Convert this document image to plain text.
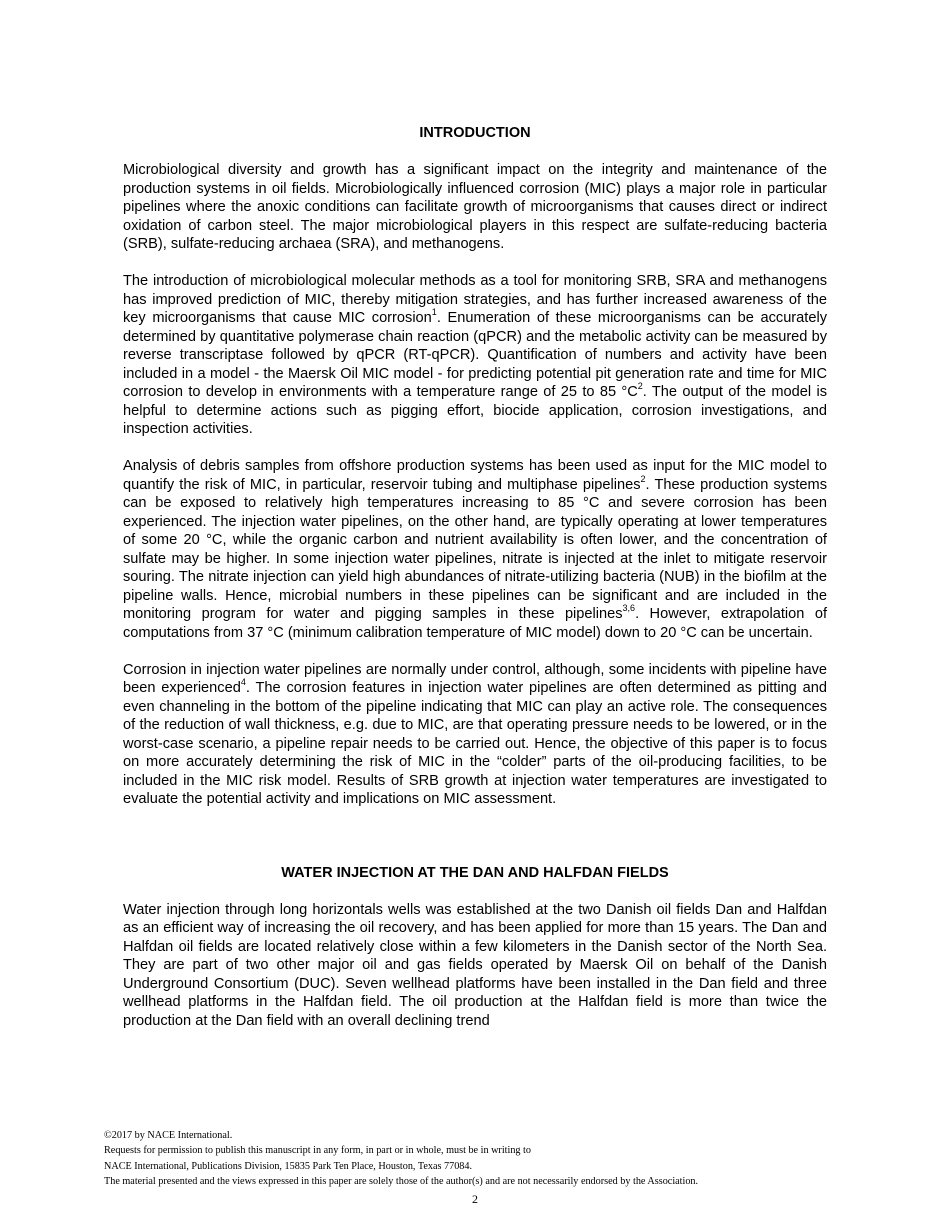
INTRODUCTION

Microbiological diversity and growth has a significant impact on the integrity and maintenance of the production systems in oil fields. Microbiologically influenced corrosion (MIC) plays a major role in particular pipelines where the anoxic conditions can facilitate growth of microorganisms that causes direct or indirect oxidation of carbon steel. The major microbiological players in this respect are sulfate-reducing bacteria (SRB), sulfate-reducing archaea (SRA), and methanogens.

The introduction of microbiological molecular methods as a tool for monitoring SRB, SRA and methanogens has improved prediction of MIC, thereby mitigation strategies, and has further increased awareness of the key microorganisms that cause MIC corrosion$^1$. Enumeration of these microorganisms can be accurately determined by quantitative polymerase chain reaction (qPCR) and the metabolic activity can be measured by reverse transcriptase followed by qPCR (RT-qPCR). Quantification of numbers and activity have been included in a model - the Maersk Oil MIC model - for predicting potential pit generation rate and time for MIC corrosion to develop in environments with a temperature range of 25 to 85 $^\circ C^2$. The output of the model is helpful to determine actions such as pigging effort, biocide application, corrosion investigations, and inspection activities.

Analysis of debris samples from offshore production systems has been used as input for the MIC model to quantify the risk of MIC, in particular, reservoir tubing and multiphase pipelines$^2$. These production systems can be exposed to relatively high temperatures increasing to 85 °C and severe corrosion has been experienced. The injection water pipelines, on the other hand, are typically operating at lower temperatures of some 20 °C, while the organic carbon and nutrient availability is often lower, and the concentration of sulfate may be higher. In some injection water pipelines, nitrate is injected at the inlet to mitigate reservoir souring. The nitrate injection can yield high abundances of nitrate-utilizing bacteria (NUB) in the biofilm at the pipeline walls. Hence, microbial numbers in these pipelines can be significant and are included in the monitoring program for water and pigging samples in these pipelines$^{3,6}$. However, extrapolation of computations from 37 °C (minimum calibration temperature of MIC model) down to 20 °C can be uncertain.

Corrosion in injection water pipelines are normally under control, although, some incidents with pipeline have been experienced$^4$. The corrosion features in injection water pipelines are often determined as pitting and even channeling in the bottom of the pipeline indicating that MIC can play an active role. The consequences of the reduction of wall thickness, e.g. due to MIC, are that operating pressure needs to be lowered, or in the worst-case scenario, a pipeline repair needs to be carried out. Hence, the objective of this paper is to focus on more accurately determining the risk of MIC in the “colder” parts of the oil-producing facilities, to be included in the MIC risk model. Results of SRB growth at injection water temperatures are investigated to evaluate the potential activity and implications on MIC assessment.

WATER INJECTION AT THE DAN AND HALFDAN FIELDS

Water injection through long horizontals wells was established at the two Danish oil fields Dan and Halfdan as an efficient way of increasing the oil recovery, and has been applied for more than 15 years. The Dan and Halfdan oil fields are located relatively close within a few kilometers in the Danish sector of the North Sea. They are part of two other major oil and gas fields operated by Maersk Oil on behalf of the Danish Underground Consortium (DUC). Seven wellhead platforms have been installed in the Dan field and three wellhead platforms in the Halfdan field. The oil production at the Halfdan field is more than twice the production at the Dan field with an overall declining trend

©2017 by NACE International.
Requests for permission to publish this manuscript in any form, in part or in whole, must be in writing to
NACE International, Publications Division, 15835 Park Ten Place, Houston, Texas 77084.
The material presented and the views expressed in this paper are solely those of the author(s) and are not necessarily endorsed by the Association.
2
